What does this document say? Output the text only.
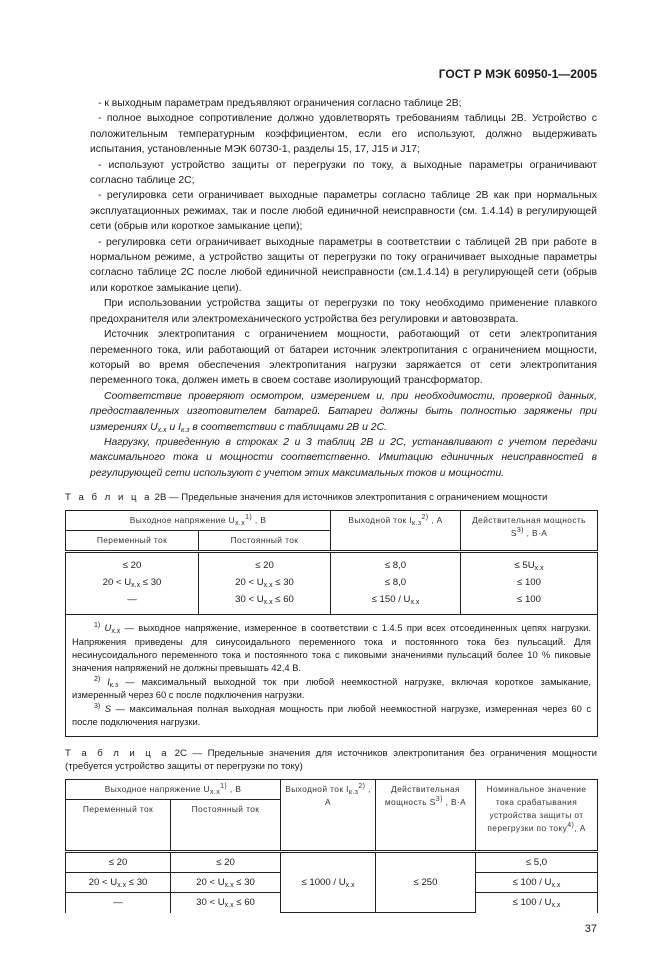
ГОСТ Р МЭК 60950-1—2005

- к выходным параметрам предъявляют ограничения согласно таблице 2B;

- полное выходное сопротивление должно удовлетворять требованиям таблицы 2B. Устройство с положительным температурным коэффициентом, если его используют, должно выдерживать испытания, установленные МЭК 60730-1, разделы 15, 17, J15 и J17;

- используют устройство защиты от перегрузки по току, а выходные параметры ограничивают согласно таблице 2C;

- регулировка сети ограничивает выходные параметры согласно таблице 2B как при нормальных эксплуатационных режимах, так и после любой единичной неисправности (см. 1.4.14) в регулирующей сети (обрыв или короткое замыкание цепи);

- регулировка сети ограничивает выходные параметры в соответствии с таблицей 2B при работе в нормальном режиме, а устройство защиты от перегрузки по току ограничивает выходные параметры согласно таблице 2C после любой единичной неисправности (см.1.4.14) в регулирующей сети (обрыв или короткое замыкание цепи).

При использовании устройства защиты от перегрузки по току необходимо применение плавкого предохранителя или электромеханического устройства без регулировки и автовозврата.

Источник электропитания с ограничением мощности, работающий от сети электропитания переменного тока, или работающий от батареи источник электропитания с ограничением мощности, который во время обеспечения электропитания нагрузки заряжается от сети электропитания переменного тока, должен иметь в своем составе изолирующий трансформатор.

Соответствие проверяют осмотром, измерением и, при необходимости, проверкой данных, предоставленных изготовителем батарей. Батареи должны быть полностью заряжены при измерениях $U_{х.х}$ и $I_{к.з}$ в соответствии с таблицами 2B и 2C.

Нагрузку, приведенную в строках 2 и 3 таблиц 2B и 2C, устанавливают с учетом передачи максимального тока и мощности соответственно. Имитацию единичных неисправностей в регулирующей сети используют с учетом этих максимальных токов и мощности.

Т а б л и ц а 2B — Предельные значения для источников электропитания с ограничением мощности
Выходное напряжение $U_{х.х}^{1)}$ , В		Выходной ток $I_{к.з}^{2)}$ , А	Действительная мощность
$S^{3)}$ , В·А
Переменный ток	Постоянный ток		
≤ 20	≤ 20	≤ 8,0	≤ $5U_{х.х}$
$20 < U_{х.х} \le 30$	$20 < U_{х.х} \le 30$	≤ 8,0	≤ 100
—	$30 < U_{х.х} \le 60$	≤ $150 / U_{х.х}$	≤ 100

$^{1)}$ $U_{х.х}$ — выходное напряжение, измеренное в соответствии с 1.4.5 при всех отсоединенных цепях нагрузки. Напряжения приведены для синусоидального переменного тока и постоянного тока без пульсаций. Для несинусоидального переменного тока и постоянного тока с пиковыми значениями пульсаций более 10 % пиковые значения напряжений не должны превышать 42,4 В.

$^{2)}$ $I_{к.з}$ — максимальный выходной ток при любой неемкостной нагрузке, включая короткое замыкание, измеренный через 60 с после подключения нагрузки.

$^{3)}$ S — максимальная полная выходная мощность при любой неемкостной нагрузке, измеренная через 60 с после подключения нагрузки.			

Т а б л и ц а 2C — Предельные значения для источников электропитания без ограничения мощности (требуется устройство защиты от перегрузки по току)
Выходное напряжение $U_{х.х}^{1)}$ , В		Выходной ток $I_{к.з}^{2)}$ , А	Действительная мощность $S^{3)}$ , В·А	Номинальное значение тока срабатывания устройства защиты от перегрузки по току$^{4)}$, А
Переменный ток	Постоянный ток			
≤ 20	≤ 20	≤ $1000 / U_{х.х}$	≤ 250	≤ 5,0
$20 < U_{х.х} \le 30$	$20 < U_{х.х} \le 30$			≤ $100 / U_{х.х}$
—	$30 < U_{х.х} \le 60$			≤ $100 / U_{х.х}$
37
